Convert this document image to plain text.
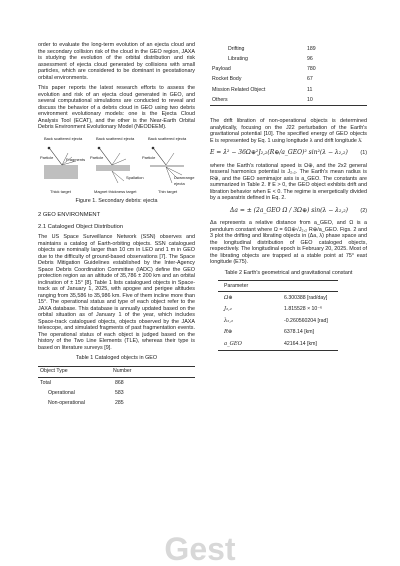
order to evaluate the long-term evolution of an ejecta cloud and the secondary collision risk of the cloud in the GEO region, JAXA is studying the evolution of the orbital distribution and risk assessment of ejecta cloud generated by collisions with small particles, which are considered to be dominant in geostationary orbital environments.

This paper reports the latest research efforts to assess the evolution and risk of an ejecta cloud generated in GEO, and several computational simulations are conducted to reveal and discuss the behavior of a debris cloud in GEO using two debris environment evolutionary models: one is the Ejecta Cloud Analysis Tool (ECAT), and the other is the Near-Earth Orbital Debris Environment Evolutionary Model (NEODEEM).

Back scattered ejecta	Back scattered ejecta	Back scattered ejecta
Particle	Fragments Particle	Particle
Downrange ejecta
Spallation
Thick target	Magnet thickness target	Thin target

Figure 1. Secondary debris: ejecta

2 GEO ENVIRONMENT

2.1 Cataloged Object Distribution

The US Space Surveillance Network (SSN) observes and maintains a catalog of Earth-orbiting objects. SSN catalogued objects are nominally larger than 10 cm in LEO and 1 m in GEO due to the difficulty of ground-based observations [7]. The Space Debris Mitigation Guidelines established by the Inter-Agency Space Debris Coordination Committee (IADC) define the GEO protection region as an altitude of 35,786 ± 200 km and an orbital inclination of ± 15° [8]. Table 1 lists catalogued objects in Space-track as of January 1, 2025, with apogee and perigee altitudes ranging from 35,586 to 35,986 km. Five of them incline more than 15°. The operational status and type of each object refer to the JAXA database. This database is annually updated based on the orbital situation as of January 1 of the year, which includes Space-track catalogued objects, objects observed by the JAXA telescope, and simulated fragments of past fragmentation events. The operational status of each object is judged based on the history of the Two Line Elements (TLE), whereas their type is based on literature surveys [9].

Table 1 Cataloged objects in GEO

Object Type	Number
Total	868
Operational	583
Non-operational	285
Drifting	189
Librating	96
Payload	780
Rocket Body	67
Mission Related Object	11
Others	10

The drift libration of non-operational objects is determined analytically, focusing on the J22 perturbation of the Earth's gravitational potential [10]. The specified energy of GEO objects E is represented by Eq. 1 using longitude λ and drift longitude λ̇.

E = λ̇² − 36Ω⊕²J₂,₂(R⊕/a_GEO)² sin²(λ − λ₂,₂) (1)

where the Earth's rotational speed is Ω⊕, and the 2x2 general tesseral harmonics potential is J₂,₂. The Earth's mean radius is R⊕, and the GEO semimajor axis is a_GEO. The constants are summarized in Table 2. If E > 0, the GEO object exhibits drift and libration behavior when E < 0. The regime is energetically divided by a separatrix defined in Eq. 2.

Δa = ± (2a_GEO Ω / 3Ω⊕) sin(λ − λ₂,₂) (2)

Δa represents a relative distance from a_GEO, and Ω is a pendulum constant where Ω = 6Ω⊕√J₂,₂ R⊕/a_GEO. Figs. 2 and 3 plot the drifting and librating objects in (Δa, λ) phase space and the longitudinal distribution of GEO cataloged objects, respectively. The longitudinal epoch is February 20, 2025. Most of the librating objects are trapped at a stable point at 75° east longitude (E75).

Table 2 Earth's geometrical and gravitational constant

Parameter	
Ω⊕	6.300388 [rad/day]
J₂,₂	1.815528 × 10⁻⁶
λ₂,₂	-0.260560204 [rad]
R⊕	6378.14 [km]
a_GEO	42164.14 [km]
Gest
